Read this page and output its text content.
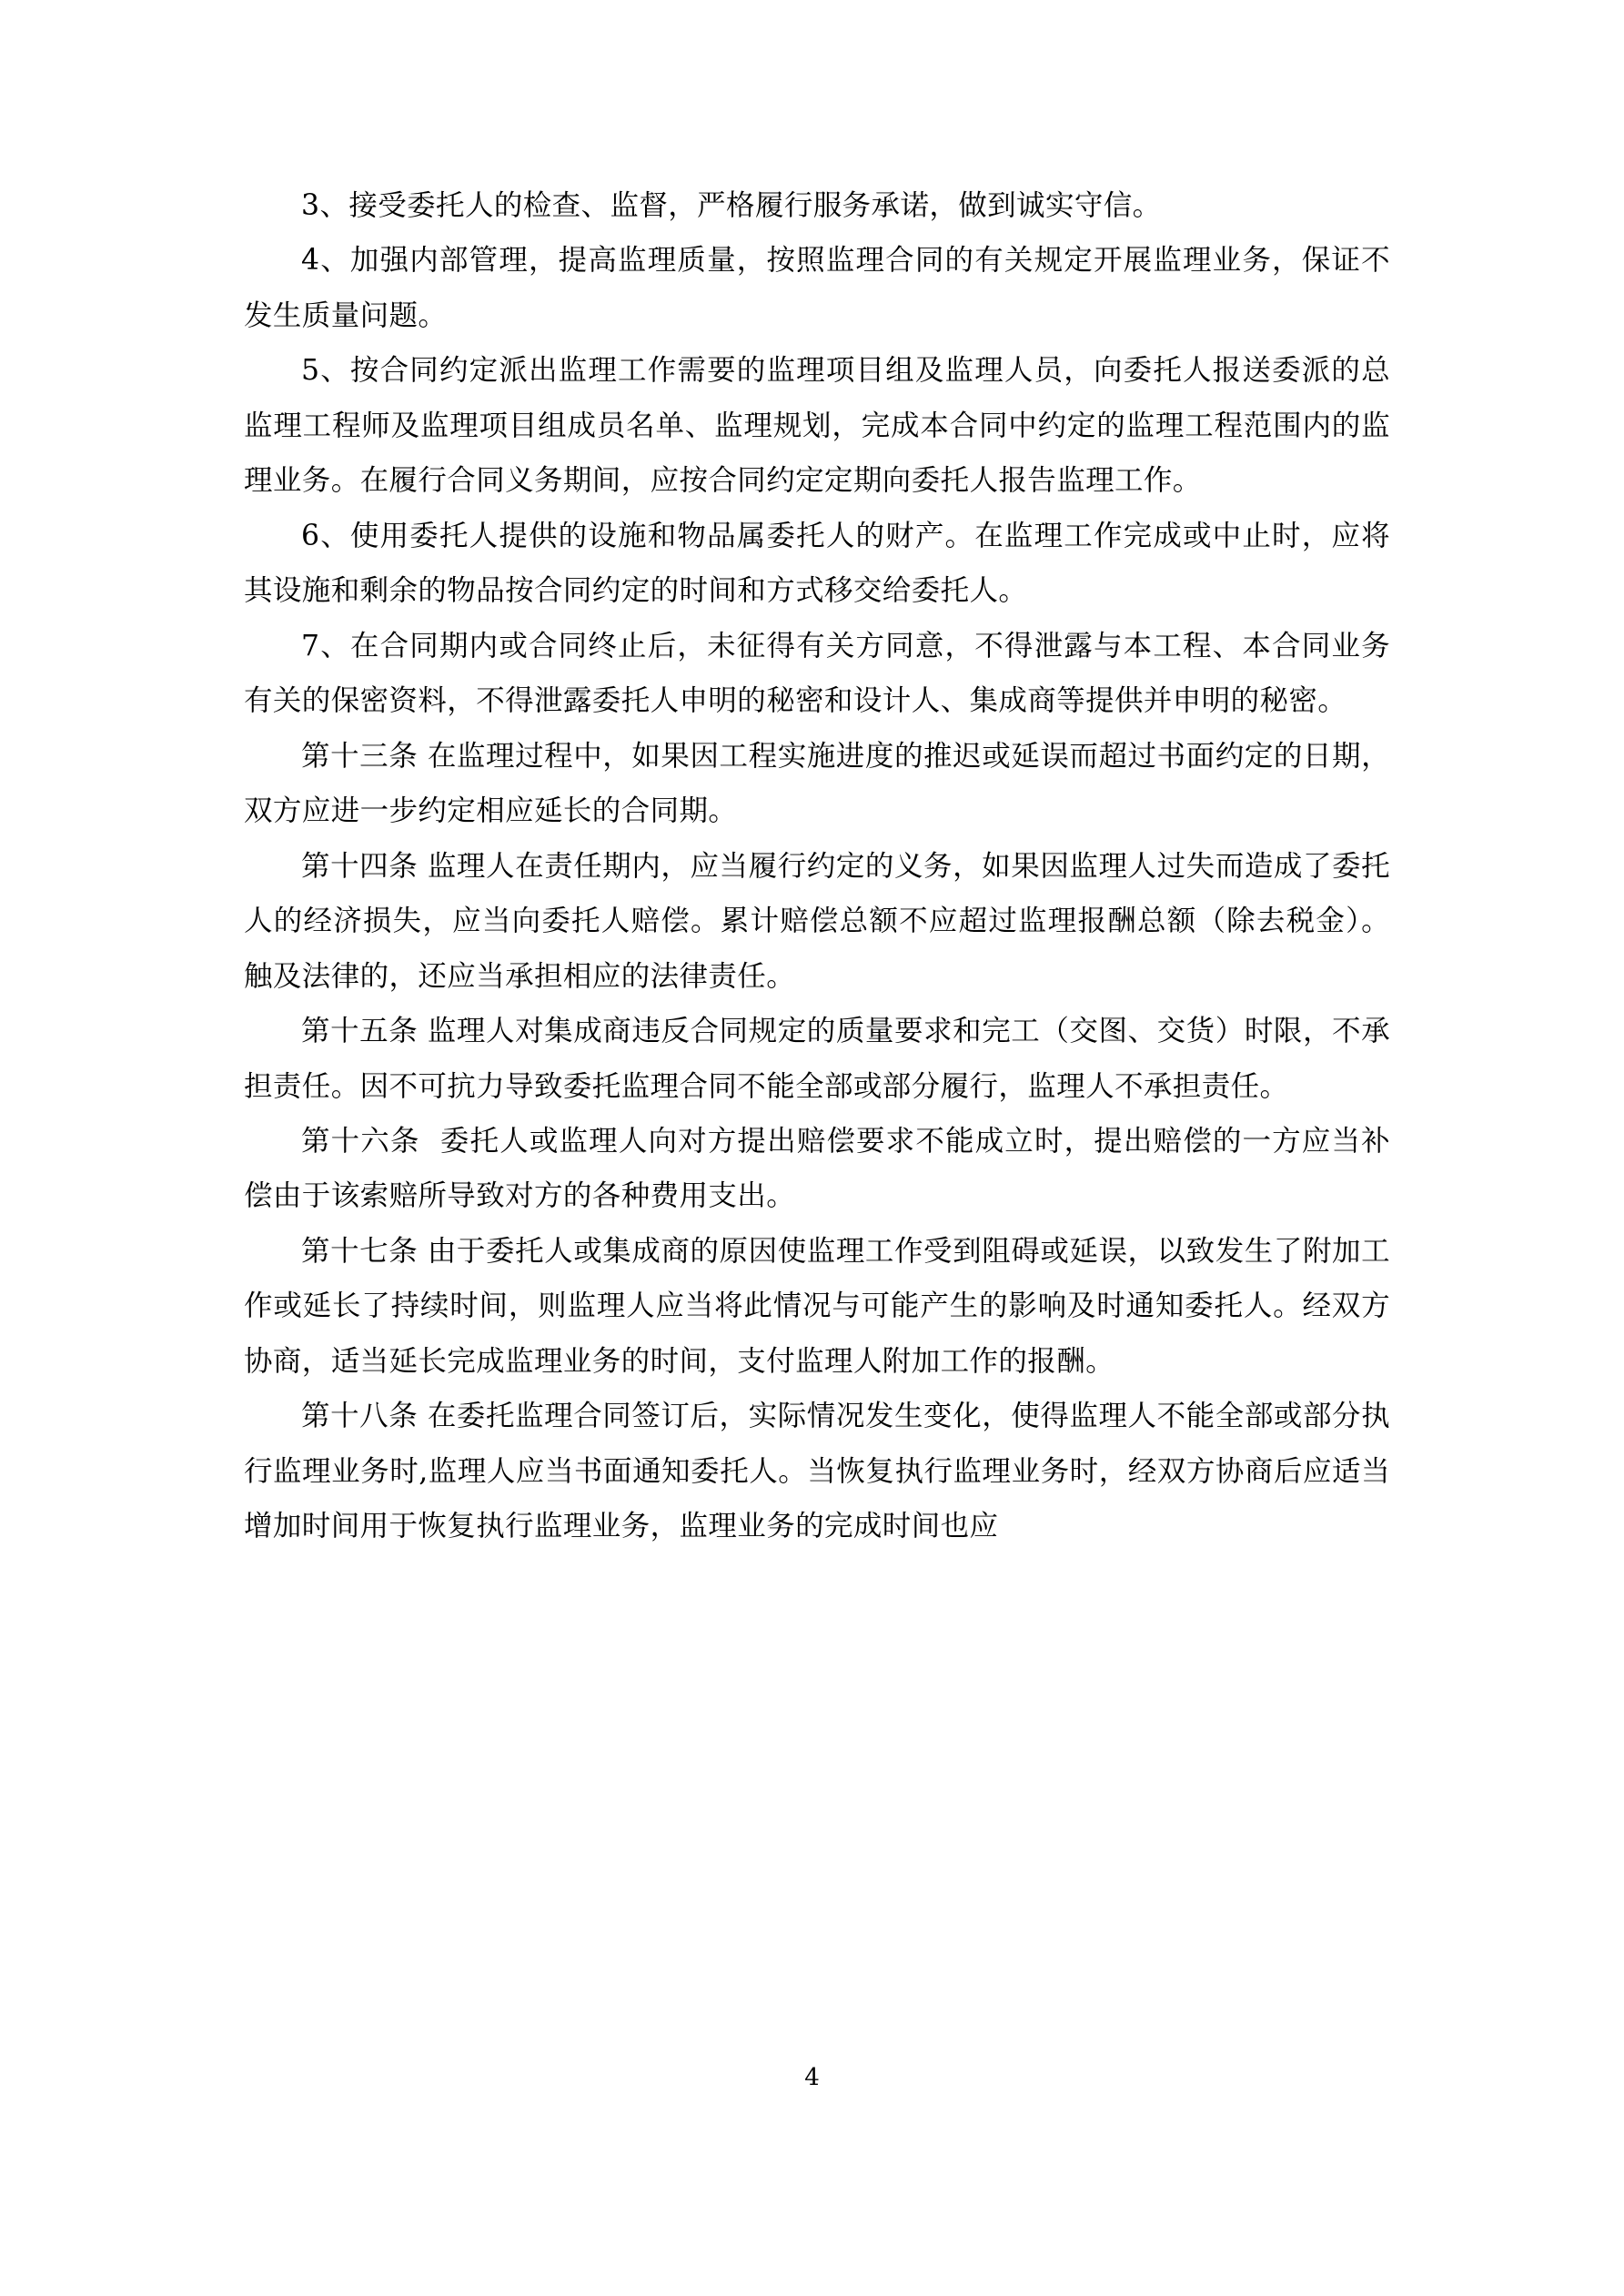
3、接受委托人的检查、监督，严格履行服务承诺，做到诚实守信。

4、加强内部管理，提高监理质量，按照监理合同的有关规定开展监理业务，保证不发生质量问题。

5、按合同约定派出监理工作需要的监理项目组及监理人员，向委托人报送委派的总监理工程师及监理项目组成员名单、监理规划，完成本合同中约定的监理工程范围内的监理业务。在履行合同义务期间，应按合同约定定期向委托人报告监理工作。

6、使用委托人提供的设施和物品属委托人的财产。在监理工作完成或中止时，应将其设施和剩余的物品按合同约定的时间和方式移交给委托人。

7、在合同期内或合同终止后，未征得有关方同意，不得泄露与本工程、本合同业务有关的保密资料，不得泄露委托人申明的秘密和设计人、集成商等提供并申明的秘密。

第十三条 在监理过程中，如果因工程实施进度的推迟或延误而超过书面约定的日期，双方应进一步约定相应延长的合同期。

第十四条 监理人在责任期内，应当履行约定的义务，如果因监理人过失而造成了委托人的经济损失，应当向委托人赔偿。累计赔偿总额不应超过监理报酬总额（除去税金）。触及法律的，还应当承担相应的法律责任。

第十五条 监理人对集成商违反合同规定的质量要求和完工（交图、交货）时限，不承担责任。因不可抗力导致委托监理合同不能全部或部分履行，监理人不承担责任。

第十六条  委托人或监理人向对方提出赔偿要求不能成立时，提出赔偿的一方应当补偿由于该索赔所导致对方的各种费用支出。

第十七条 由于委托人或集成商的原因使监理工作受到阻碍或延误，以致发生了附加工作或延长了持续时间，则监理人应当将此情况与可能产生的影响及时通知委托人。经双方协商，适当延长完成监理业务的时间，支付监理人附加工作的报酬。

第十八条 在委托监理合同签订后，实际情况发生变化，使得监理人不能全部或部分执行监理业务时,监理人应当书面通知委托人。当恢复执行监理业务时，经双方协商后应适当增加时间用于恢复执行监理业务，监理业务的完成时间也应

4
